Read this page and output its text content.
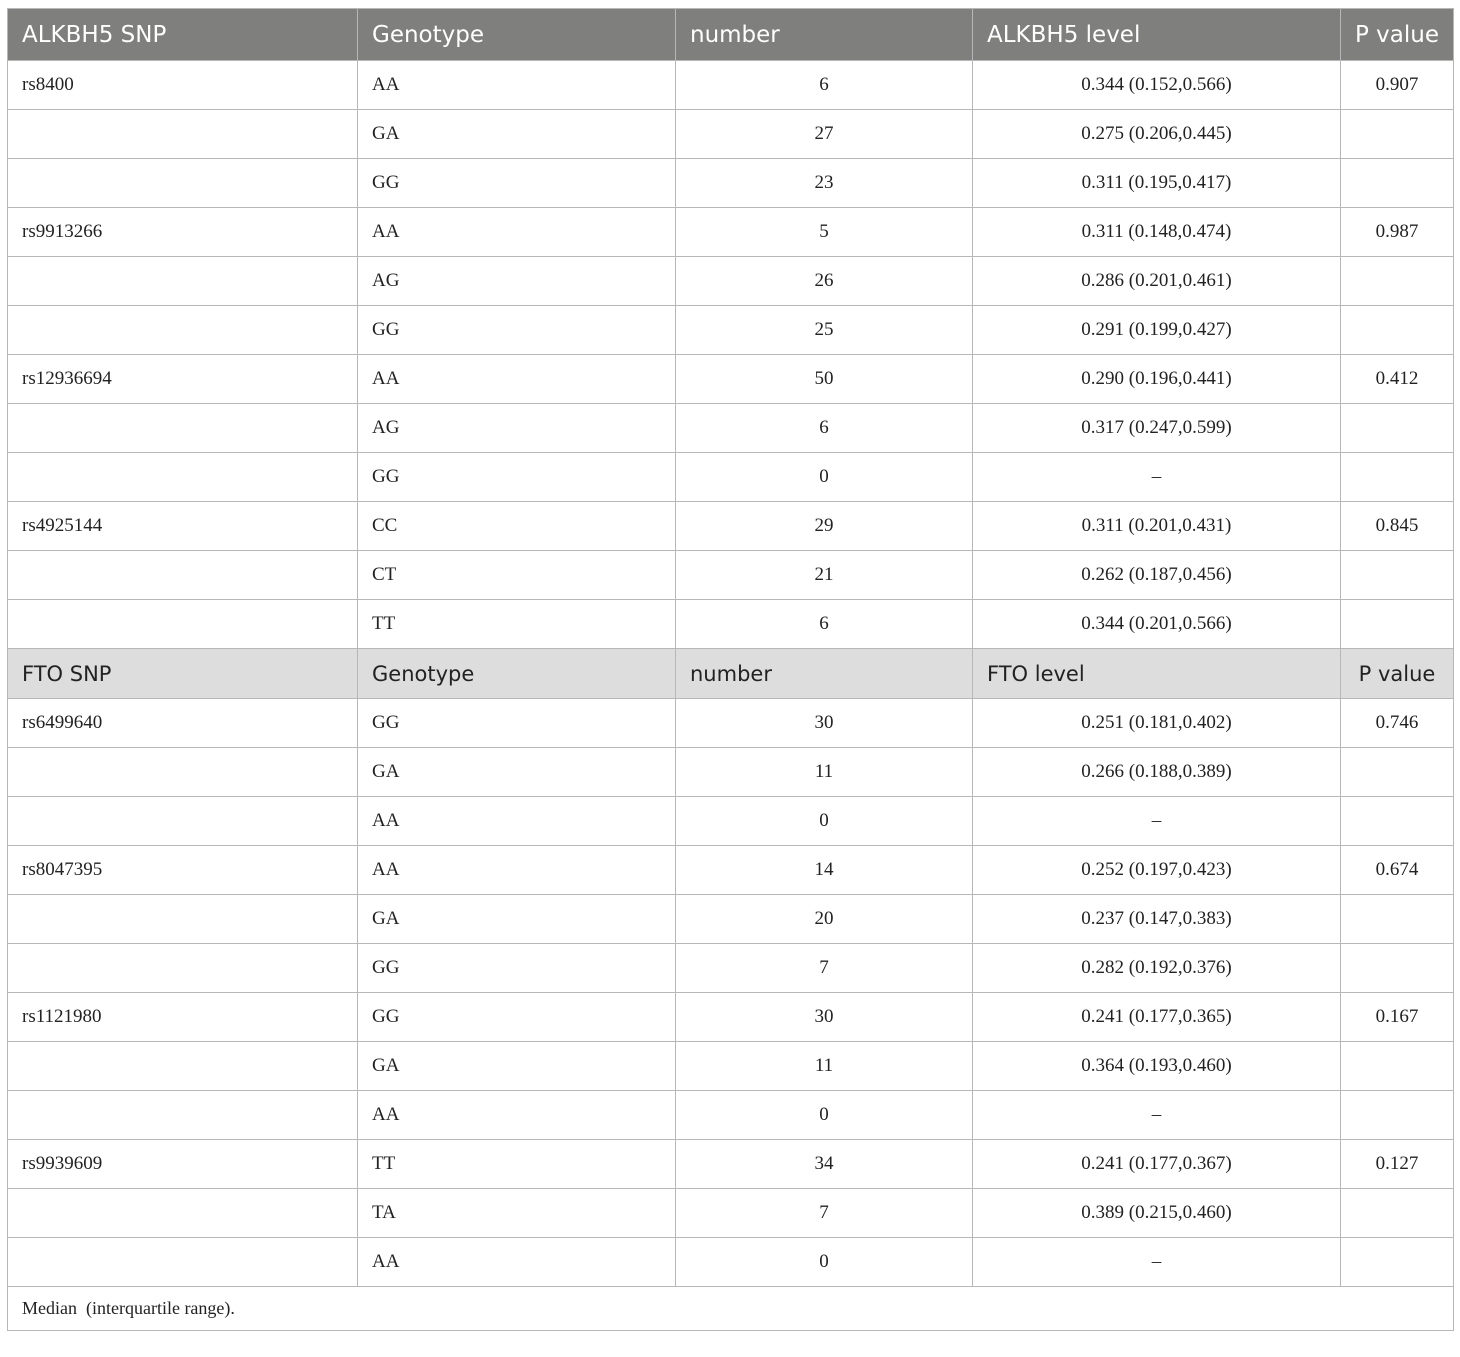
ALKBH5 SNP	Genotype	number	ALKBH5 level	P value
rs8400	AA	6	0.344 (0.152,0.566)	0.907
	GA	27	0.275 (0.206,0.445)	
	GG	23	0.311 (0.195,0.417)	
rs9913266	AA	5	0.311 (0.148,0.474)	0.987
	AG	26	0.286 (0.201,0.461)	
	GG	25	0.291 (0.199,0.427)	
rs12936694	AA	50	0.290 (0.196,0.441)	0.412
	AG	6	0.317 (0.247,0.599)	
	GG	0	–	
rs4925144	CC	29	0.311 (0.201,0.431)	0.845
	CT	21	0.262 (0.187,0.456)	
	TT	6	0.344 (0.201,0.566)	
FTO SNP	Genotype	number	FTO level	P value
rs6499640	GG	30	0.251 (0.181,0.402)	0.746
	GA	11	0.266 (0.188,0.389)	
	AA	0	–	
rs8047395	AA	14	0.252 (0.197,0.423)	0.674
	GA	20	0.237 (0.147,0.383)	
	GG	7	0.282 (0.192,0.376)	
rs1121980	GG	30	0.241 (0.177,0.365)	0.167
	GA	11	0.364 (0.193,0.460)	
	AA	0	–	
rs9939609	TT	34	0.241 (0.177,0.367)	0.127
	TA	7	0.389 (0.215,0.460)	
	AA	0	–	
Median  (interquartile range).				
